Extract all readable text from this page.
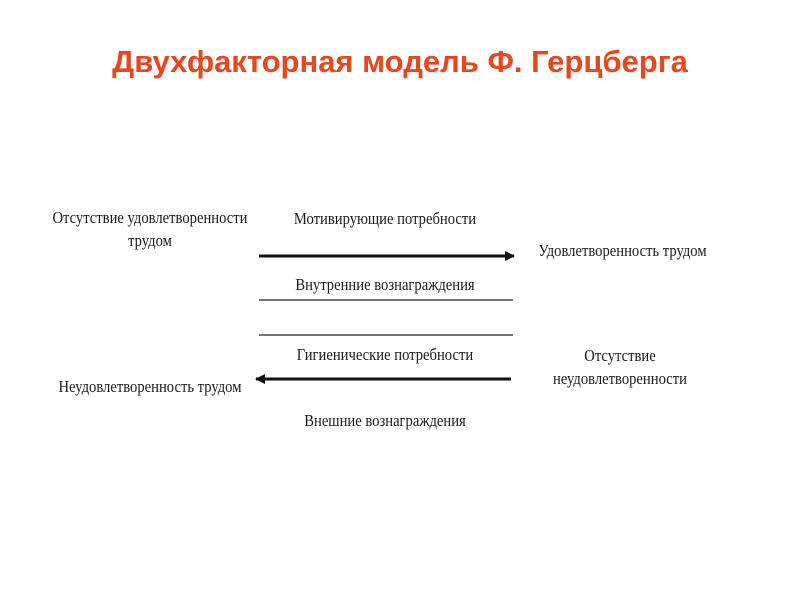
Двухфакторная модель Ф. Герцберга
Отсутствие удовлетворенности
трудом
Мотивирующие потребности
Внутренние вознаграждения
Удовлетворенность трудом
Гигиенические потребности
Неудовлетворенность трудом
Отсутствие
неудовлетворенности
Внешние вознаграждения
